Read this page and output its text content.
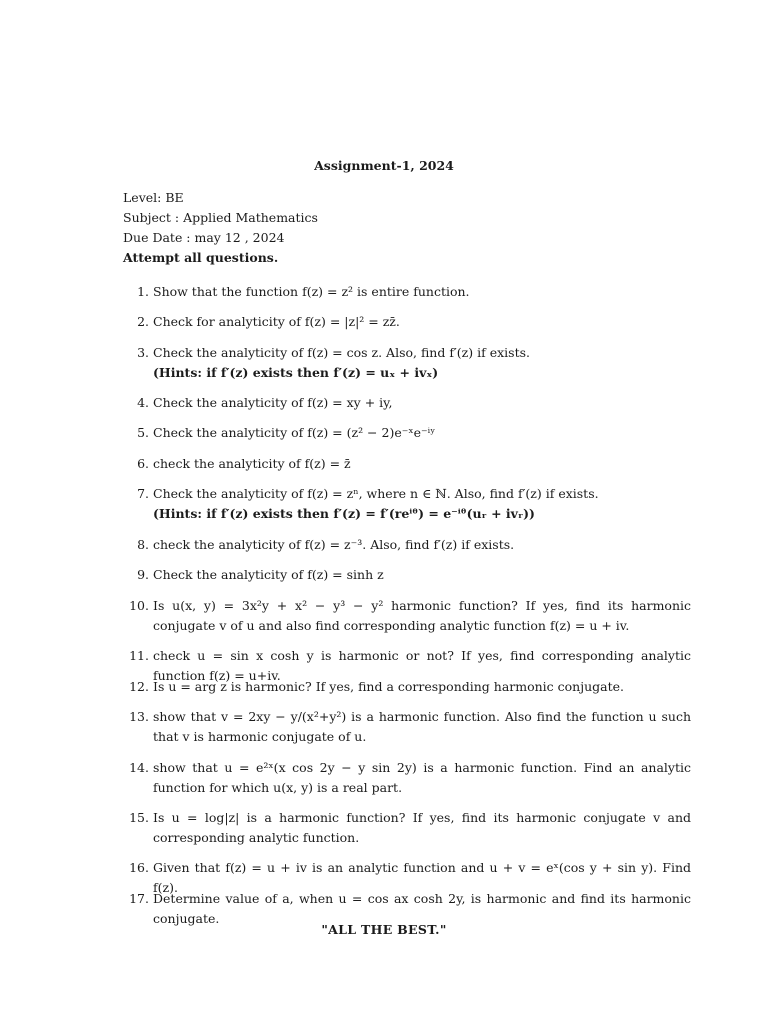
Assignment-1, 2024
Level: BE
Subject : Applied Mathematics
Due Date : may 12 , 2024
Attempt all questions.
1. Show that the function f(z) = z² is entire function.
2. Check for analyticity of f(z) = |z|² = zz̄.
3. Check the analyticity of f(z) = cos z. Also, find f′(z) if exists.
(Hints: if f′(z) exists then f′(z) = uₓ + ivₓ)
4. Check the analyticity of f(z) = xy + iy,
5. Check the analyticity of f(z) = (z² − 2)e⁻ˣe⁻ⁱʸ
6. check the analyticity of f(z) = z̄
7. Check the analyticity of f(z) = zⁿ, where n ∈ ℕ. Also, find f′(z) if exists.
(Hints: if f′(z) exists then f′(z) = f′(reⁱᶿ) = e⁻ⁱᶿ(uᵣ + ivᵣ))
8. check the analyticity of f(z) = z⁻³. Also, find f′(z) if exists.
9. Check the analyticity of f(z) = sinh z
10. Is u(x, y) = 3x²y + x² − y³ − y² harmonic function? If yes, find its harmonic conjugate v of u and also find corresponding analytic function f(z) = u + iv.
11. check u = sin x cosh y is harmonic or not? If yes, find corresponding analytic function f(z) = u+iv.
12. Is u = arg z is harmonic? If yes, find a corresponding harmonic conjugate.
13. show that v = 2xy − y/(x²+y²) is a harmonic function. Also find the function u such that v is harmonic conjugate of u.
14. show that u = e²ˣ(x cos 2y − y sin 2y) is a harmonic function. Find an analytic function for which u(x, y) is a real part.
15. Is u = log|z| is a harmonic function? If yes, find its harmonic conjugate v and corresponding analytic function.
16. Given that f(z) = u + iv is an analytic function and u + v = eˣ(cos y + sin y). Find f(z).
17. Determine value of a, when u = cos ax cosh 2y, is harmonic and find its harmonic conjugate.
"ALL THE BEST."
